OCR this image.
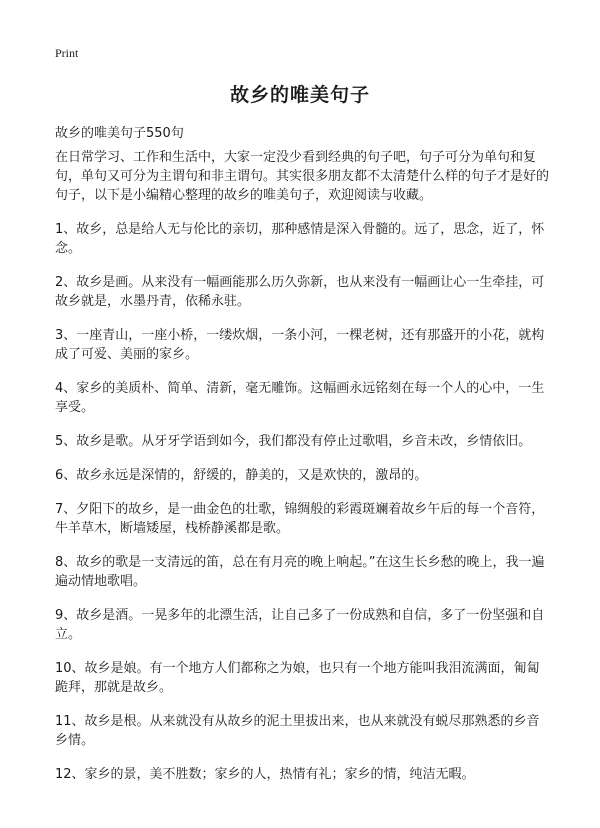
Print
故乡的唯美句子
故乡的唯美句子550句

在日常学习、工作和生活中，大家一定没少看到经典的句子吧，句子可分为单句和复句，单句又可分为主谓句和非主谓句。其实很多朋友都不太清楚什么样的句子才是好的句子，以下是小编精心整理的故乡的唯美句子，欢迎阅读与收藏。

1、故乡，总是给人无与伦比的亲切，那种感情是深入骨髓的。远了，思念，近了，怀念。

2、故乡是画。从来没有一幅画能那么历久弥新，也从来没有一幅画让心一生牵挂，可故乡就是，水墨丹青，依稀永驻。

3、一座青山，一座小桥，一缕炊烟，一条小河，一棵老树，还有那盛开的小花，就构成了可爱、美丽的家乡。

4、家乡的美质朴、简单、清新，毫无雕饰。这幅画永远铭刻在每一个人的心中，一生享受。

5、故乡是歌。从牙牙学语到如今，我们都没有停止过歌唱，乡音未改，乡情依旧。

6、故乡永远是深情的，舒缓的，静美的，又是欢快的，激昂的。

7、夕阳下的故乡，是一曲金色的壮歌，锦绸般的彩霞斑斓着故乡午后的每一个音符，牛羊草木，断墙矮屋，栈桥静溪都是歌。

8、故乡的歌是一支清远的笛，总在有月亮的晚上响起。”在这生长乡愁的晚上，我一遍遍动情地歌唱。

9、故乡是酒。一晃多年的北漂生活，让自己多了一份成熟和自信，多了一份坚强和自立。

10、故乡是娘。有一个地方人们都称之为娘，也只有一个地方能叫我泪流满面，匍匐跪拜，那就是故乡。

11、故乡是根。从来就没有从故乡的泥土里拔出来，也从来就没有蜕尽那熟悉的乡音乡情。

12、家乡的景，美不胜数；家乡的人，热情有礼；家乡的情，纯洁无暇。
